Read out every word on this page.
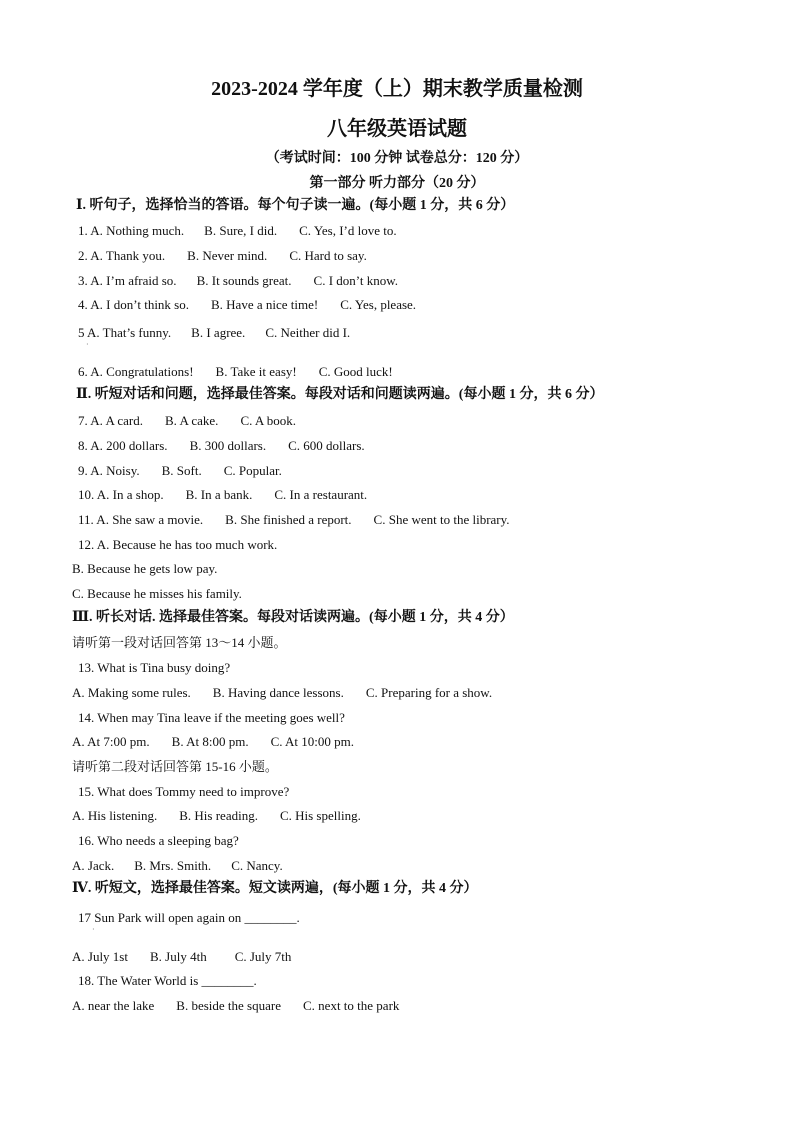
2023-2024 学年度（上）期末教学质量检测
八年级英语试题
（考试时间：100 分钟 试卷总分：120 分）
第一部分 听力部分（20 分）
Ⅰ. 听句子，选择恰当的答语。每个句子读一遍。(每小题 1 分，共 6 分）
1. A. Nothing much. B. Sure, I did. C. Yes, I’d love to.
2. A. Thank you. B. Never mind. C. Hard to say.
3. A. I’m afraid so. B. It sounds great. C. I don’t know.
4. A. I don’t think so. B. Have a nice time! C. Yes, please.
5 A. That’s funny. B. I agree. C. Neither did I.
·
6. A. Congratulations! B. Take it easy! C. Good luck!
Ⅱ. 听短对话和问题，选择最佳答案。每段对话和问题读两遍。(每小题 1 分，共 6 分）
7. A. A card. B. A cake. C. A book.
8. A. 200 dollars. B. 300 dollars. C. 600 dollars.
9. A. Noisy. B. Soft. C. Popular.
10. A. In a shop. B. In a bank. C. In a restaurant.
11. A. She saw a movie. B. She finished a report. C. She went to the library.
12. A. Because he has too much work.
B. Because he gets low pay.
C. Because he misses his family.
Ⅲ. 听长对话. 选择最佳答案。每段对话读两遍。(每小题 1 分，共 4 分）
请听第一段对话回答第 13～14 小题。
13. What is Tina busy doing?
A. Making some rules. B. Having dance lessons. C. Preparing for a show.
14. When may Tina leave if the meeting goes well?
A. At 7:00 pm. B. At 8:00 pm. C. At 10:00 pm.
请听第二段对话回答第 15-16 小题。
15. What does Tommy need to improve?
A. His listening. B. His reading. C. His spelling.
16. Who needs a sleeping bag?
A. Jack. B. Mrs. Smith. C. Nancy.
Ⅳ. 听短文，选择最佳答案。短文读两遍，(每小题 1 分，共 4 分）
17 Sun Park will open again on ________.
·
A. July 1st B. July 4th C. July 7th
18. The Water World is ________.
A. near the lake B. beside the square C. next to the park
